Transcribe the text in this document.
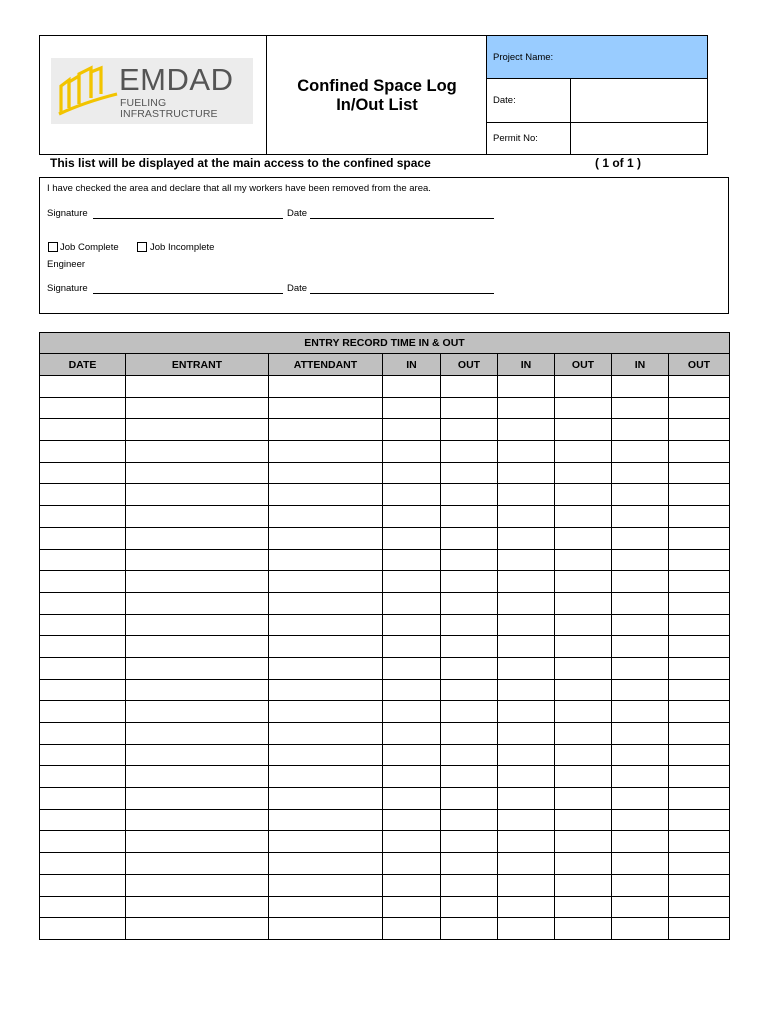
EMDAD
FUELING INFRASTRUCTURE
Confined Space Log
In/Out List
Project Name:
Date:
Permit No:
This list will be displayed at the main access to the confined space	( 1 of 1 )
I have checked the area and declare that all my workers have been removed from the area.
Signature	Date
Job Complete	Job Incomplete
Engineer
Signature	Date
ENTRY RECORD TIME IN & OUT								
DATE	ENTRANT	ATTENDANT	IN	OUT	IN	OUT	IN	OUT
